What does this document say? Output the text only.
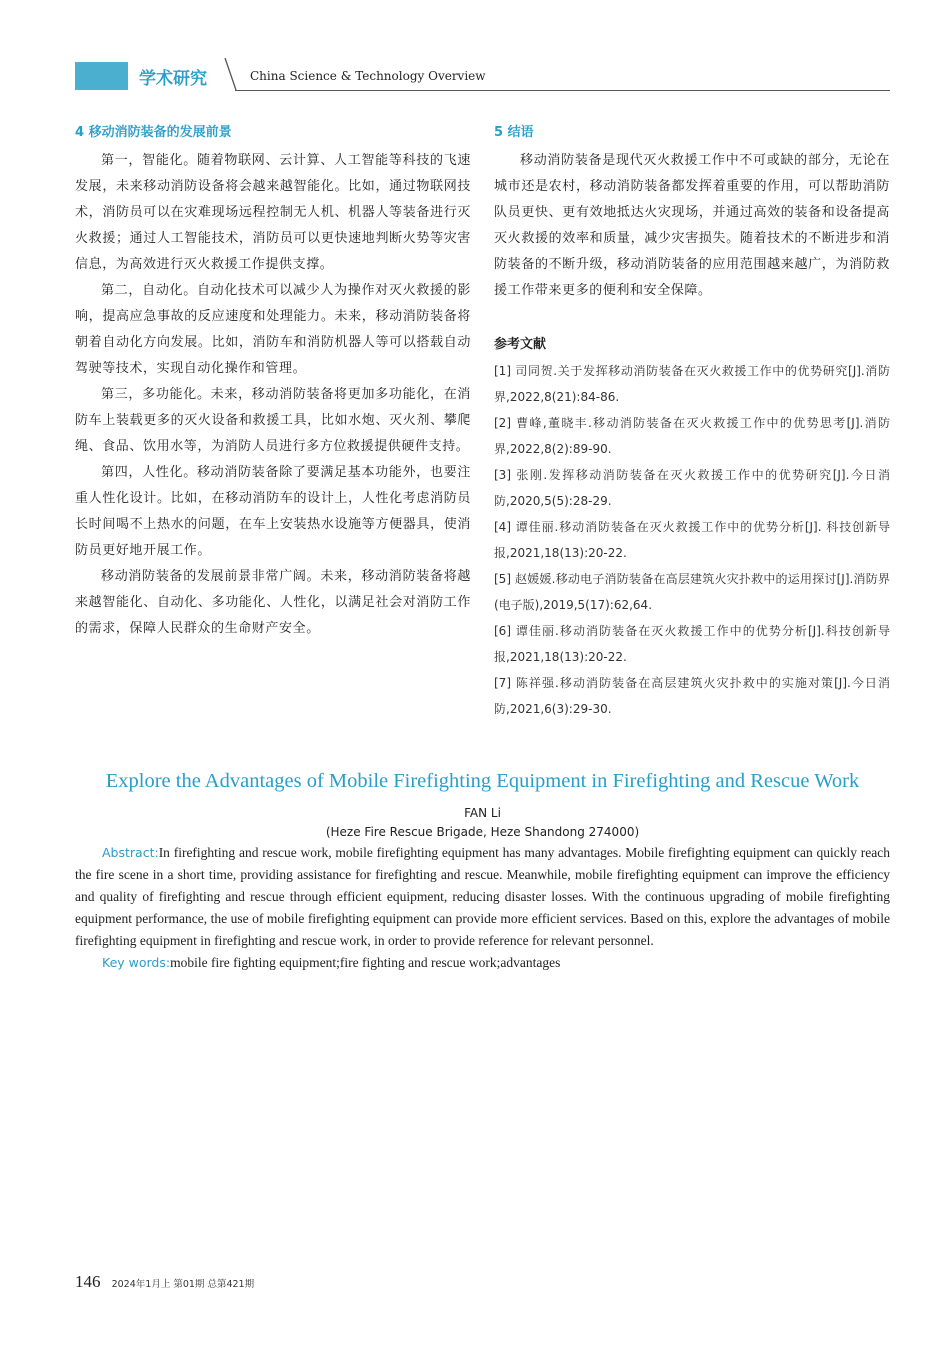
学术研究	China Science & Technology Overview
4 移动消防装备的发展前景

第一，智能化。随着物联网、云计算、人工智能等科技的飞速发展，未来移动消防设备将会越来越智能化。比如，通过物联网技术，消防员可以在灾难现场远程控制无人机、机器人等装备进行灭火救援；通过人工智能技术，消防员可以更快速地判断火势等灾害信息，为高效进行灭火救援工作提供支撑。

第二，自动化。自动化技术可以减少人为操作对灭火救援的影响，提高应急事故的反应速度和处理能力。未来，移动消防装备将朝着自动化方向发展。比如，消防车和消防机器人等可以搭载自动驾驶等技术，实现自动化操作和管理。

第三，多功能化。未来，移动消防装备将更加多功能化，在消防车上装载更多的灭火设备和救援工具，比如水炮、灭火剂、攀爬绳、食品、饮用水等，为消防人员进行多方位救援提供硬件支持。

第四，人性化。移动消防装备除了要满足基本功能外，也要注重人性化设计。比如，在移动消防车的设计上，人性化考虑消防员长时间喝不上热水的问题，在车上安装热水设施等方便器具，使消防员更好地开展工作。

移动消防装备的发展前景非常广阔。未来，移动消防装备将越来越智能化、自动化、多功能化、人性化，以满足社会对消防工作的需求，保障人民群众的生命财产安全。

5 结语

移动消防装备是现代灭火救援工作中不可或缺的部分，无论在城市还是农村，移动消防装备都发挥着重要的作用，可以帮助消防队员更快、更有效地抵达火灾现场，并通过高效的装备和设备提高灭火救援的效率和质量，减少灾害损失。随着技术的不断进步和消防装备的不断升级，移动消防装备的应用范围越来越广，为消防救援工作带来更多的便利和安全保障。

参考文献

[1] 司同贺.关于发挥移动消防装备在灭火救援工作中的优势研究[J].消防界,2022,8(21):84-86.

[2] 曹峰,董晓丰.移动消防装备在灭火救援工作中的优势思考[J].消防界,2022,8(2):89-90.

[3] 张刚.发挥移动消防装备在灭火救援工作中的优势研究[J].今日消防,2020,5(5):28-29.

[4] 谭佳丽.移动消防装备在灭火救援工作中的优势分析[J]. 科技创新导报,2021,18(13):20-22.

[5] 赵媛媛.移动电子消防装备在高层建筑火灾扑救中的运用探讨[J].消防界(电子版),2019,5(17):62,64.

[6] 谭佳丽.移动消防装备在灭火救援工作中的优势分析[J].科技创新导报,2021,18(13):20-22.

[7] 陈祥强.移动消防装备在高层建筑火灾扑救中的实施对策[J].今日消防,2021,6(3):29-30.

Explore the Advantages of Mobile Firefighting Equipment in Firefighting and Rescue Work
FAN Li
(Heze Fire Rescue Brigade, Heze Shandong 274000)

Abstract:In firefighting and rescue work, mobile firefighting equipment has many advantages. Mobile firefighting equipment can quickly reach the fire scene in a short time, providing assistance for firefighting and rescue. Meanwhile, mobile firefighting equipment can improve the efficiency and quality of firefighting and rescue through efficient equipment, reducing disaster losses. With the continuous upgrading of mobile firefighting equipment performance, the use of mobile firefighting equipment can provide more efficient services. Based on this, explore the advantages of mobile firefighting equipment in firefighting and rescue work, in order to provide reference for relevant personnel.

Key words:mobile fire fighting equipment;fire fighting and rescue work;advantages

146 2024年1月上 第01期 总第421期
